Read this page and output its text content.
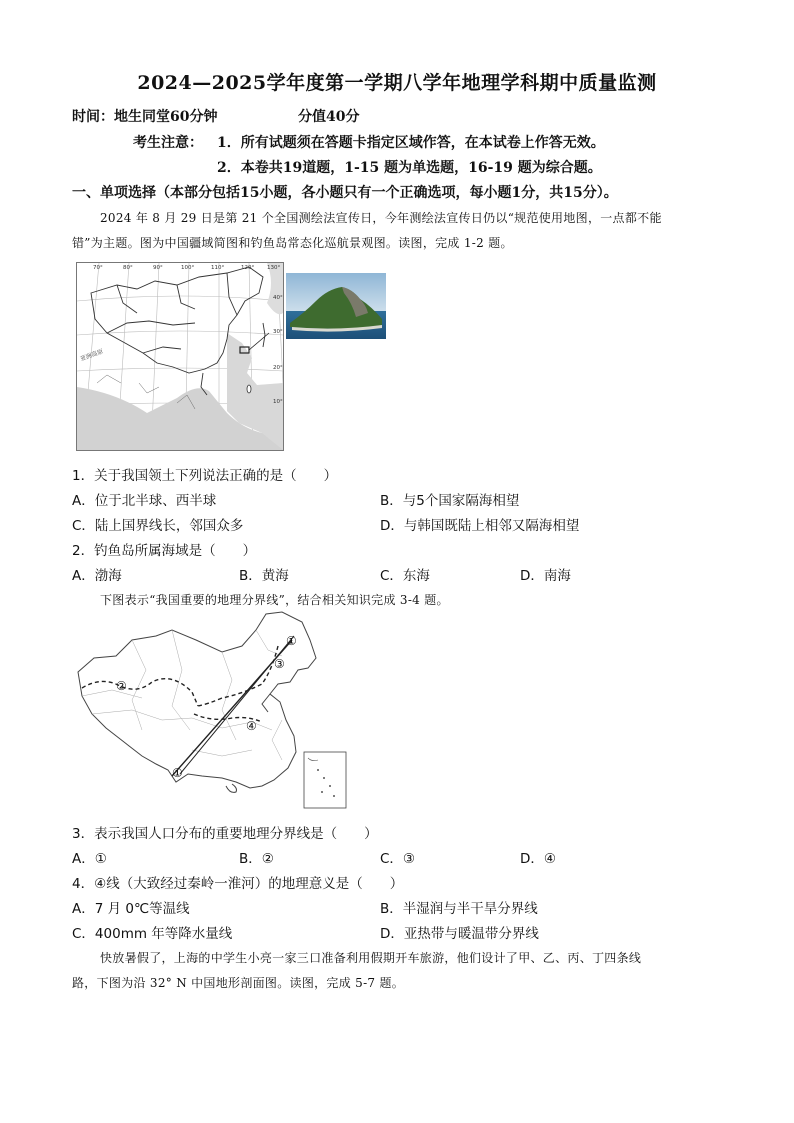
2024—2025学年度第一学期八学年地理学科期中质量监测
时间：地生同堂60分钟	分值40分
考生注意： 1．所有试题须在答题卡指定区域作答，在本试卷上作答无效。
2．本卷共19道题，1-15 题为单选题，16-19 题为综合题。
一、单项选择（本部分包括15小题，各小题只有一个正确选项，每小题1分，共15分）。
2024 年 8 月 29 日是第 21 个全国测绘法宣传日，今年测绘法宣传日仍以“规范使用地图，一点都不能
错”为主题。图为中国疆域简图和钓鱼岛常态化巡航景观图。读图，完成 1-2 题。
亚洲高原
70°	80°	90°	100°	110°	120° 130°
40°
30°
20°
10°
1．关于我国领土下列说法正确的是（　　）
A．位于北半球、西半球	B．与5个国家隔海相望
C．陆上国界线长，邻国众多	D．与韩国既陆上相邻又隔海相望
2．钓鱼岛所属海域是（　　）
A．渤海	B．黄海	C．东海	D．南海
下图表示“我国重要的地理分界线”，结合相关知识完成 3-4 题。
①
②
③
④
①
3．表示我国人口分布的重要地理分界线是（　　）
A．①	B．②	C．③	D．④
4．④线（大致经过秦岭一淮河）的地理意义是（　　）
A．7 月 0℃等温线	B．半湿润与半干旱分界线
C．400mm 年等降水量线	D．亚热带与暖温带分界线
快放暑假了，上海的中学生小亮一家三口准备利用假期开车旅游，他们设计了甲、乙、丙、丁四条线
路，下图为沿 32° N 中国地形剖面图。读图，完成 5-7 题。
